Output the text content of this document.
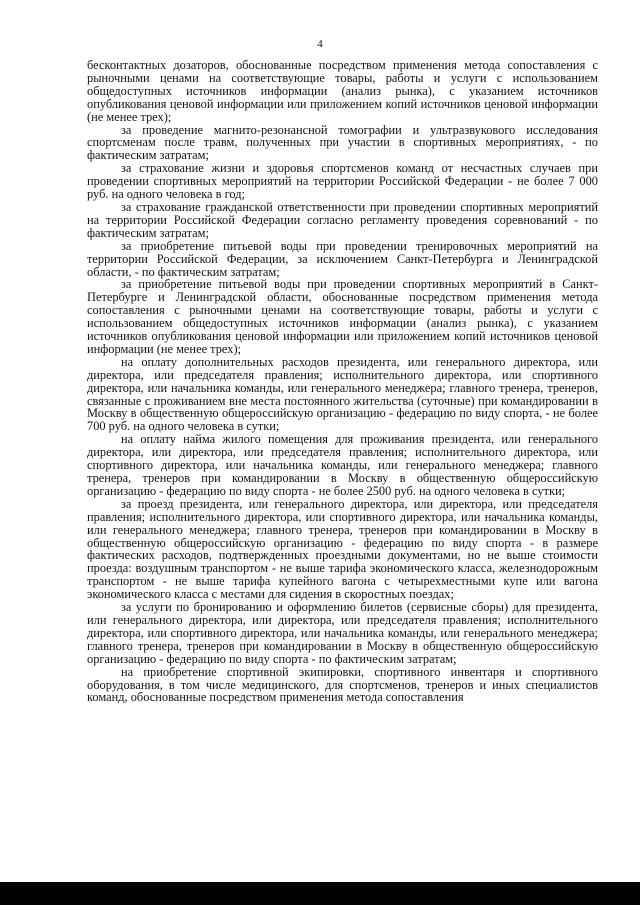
4

бесконтактных дозаторов, обоснованные посредством применения метода сопоставления с рыночными ценами на соответствующие товары, работы и услуги с использованием общедоступных источников информации (анализ рынка), с указанием источников опубликования ценовой информации или приложением копий источников ценовой информации (не менее трех);

за проведение магнито-резонансной томографии и ультразвукового исследования спортсменам после травм, полученных при участии в спортивных мероприятиях, - по фактическим затратам;

за страхование жизни и здоровья спортсменов команд от несчастных случаев при проведении спортивных мероприятий на территории Российской Федерации - не более 7 000 руб. на одного человека в год;

за страхование гражданской ответственности при проведении спортивных мероприятий на территории Российской Федерации согласно регламенту проведения соревнований - по фактическим затратам;

за приобретение питьевой воды при проведении тренировочных мероприятий на территории Российской Федерации, за исключением Санкт-Петербурга и Ленинградской области, - по фактическим затратам;

за приобретение питьевой воды при проведении спортивных мероприятий в Санкт-Петербурге и Ленинградской области, обоснованные посредством применения метода сопоставления с рыночными ценами на соответствующие товары, работы и услуги с использованием общедоступных источников информации (анализ рынка), с указанием источников опубликования ценовой информации или приложением копий источников ценовой информации (не менее трех);

на оплату дополнительных расходов президента, или генерального директора, или директора, или председателя правления; исполнительного директора, или спортивного директора, или начальника команды, или генерального менеджера; главного тренера, тренеров, связанные с проживанием вне места постоянного жительства (суточные) при командировании в Москву в общественную общероссийскую организацию - федерацию по виду спорта, - не более 700 руб. на одного человека в сутки;

на оплату найма жилого помещения для проживания президента, или генерального директора, или директора, или председателя правления; исполнительного директора, или спортивного директора, или начальника команды, или генерального менеджера; главного тренера, тренеров при командировании в Москву в общественную общероссийскую организацию - федерацию по виду спорта - не более 2500 руб. на одного человека в сутки;

за проезд президента, или генерального директора, или директора, или председателя правления; исполнительного директора, или спортивного директора, или начальника команды, или генерального менеджера; главного тренера, тренеров при командировании в Москву в общественную общероссийскую организацию - федерацию по виду спорта - в размере фактических расходов, подтвержденных проездными документами, но не выше стоимости проезда: воздушным транспортом - не выше тарифа экономического класса, железнодорожным транспортом - не выше тарифа купейного вагона с четырехместными купе или вагона экономического класса с местами для сидения в скоростных поездах;

за услуги по бронированию и оформлению билетов (сервисные сборы) для президента, или генерального директора, или директора, или председателя правления; исполнительного директора, или спортивного директора, или начальника команды, или генерального менеджера; главного тренера, тренеров при командировании в Москву в общественную общероссийскую организацию - федерацию по виду спорта - по фактическим затратам;

на приобретение спортивной экипировки, спортивного инвентаря и спортивного оборудования, в том числе медицинского, для спортсменов, тренеров и иных специалистов команд, обоснованные посредством применения метода сопоставления
